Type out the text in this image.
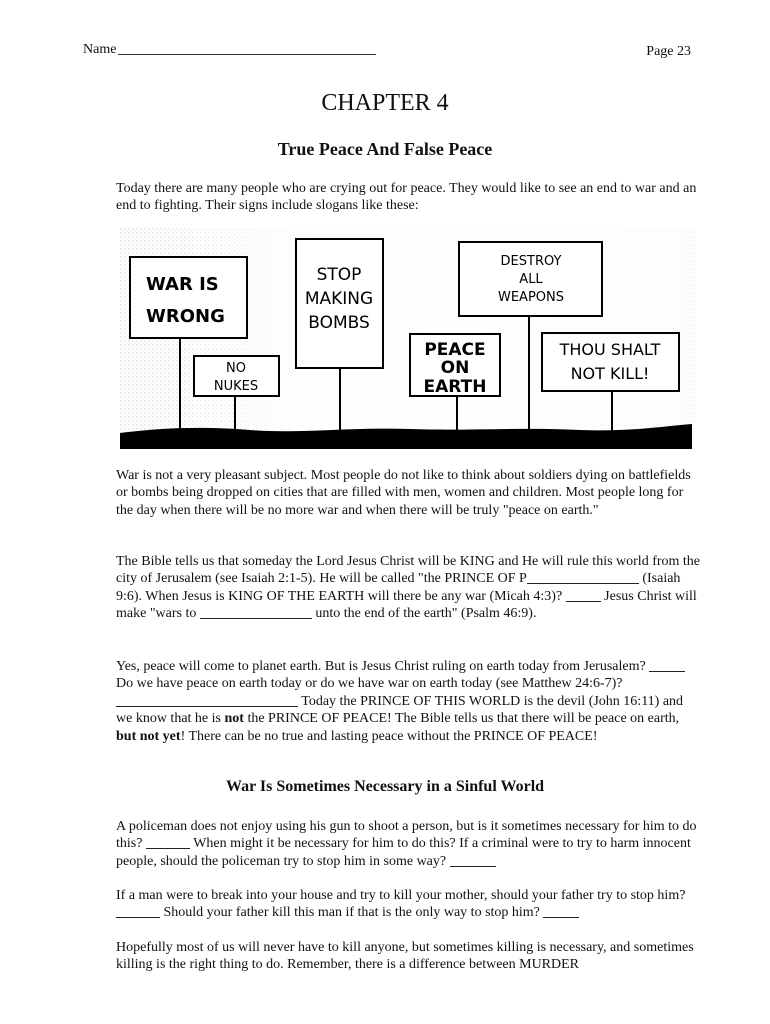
Name	Page 23
CHAPTER 4
True Peace And False Peace
Today there are many people who are crying out for peace. They would like to see an end to war and an end to fighting. Their signs include slogans like these:
WAR IS
WRONG
STOP
MAKING
BOMBS
DESTROY
ALL
WEAPONS
NO
NUKES
PEACE
ON
EARTH
THOU SHALT
NOT KILL!
War is not a very pleasant subject. Most people do not like to think about soldiers dying on battlefields or bombs being dropped on cities that are filled with men, women and children. Most people long for the day when there will be no more war and when there will be truly "peace on earth."
The Bible tells us that someday the Lord Jesus Christ will be KING and He will rule this world from the city of Jerusalem (see Isaiah 2:1-5). He will be called "the PRINCE OF P	(Isaiah 9:6). When Jesus is KING OF THE EARTH will there be any war (Micah 4:3)?	Jesus Christ will make "wars to	unto the end of the earth" (Psalm 46:9).
Yes, peace will come to planet earth. But is Jesus Christ ruling on earth today from Jerusalem?  Do we have peace on earth today or do we have war on earth today (see Matthew 24:6-7)?  Today the PRINCE OF THIS WORLD is the devil (John 16:11) and we know that he is not the PRINCE OF PEACE! The Bible tells us that there will be peace on earth, but not yet! There can be no true and lasting peace without the PRINCE OF PEACE!
War Is Sometimes Necessary in a Sinful World
A policeman does not enjoy using his gun to shoot a person, but is it sometimes necessary for him to do this?	When might it be necessary for him to do this? If a criminal were to try to harm innocent people, should the policeman try to stop him in some way?
If a man were to break into your house and try to kill your mother, should your father try to stop him?  Should your father kill this man if that is the only way to stop him?
Hopefully most of us will never have to kill anyone, but sometimes killing is necessary, and sometimes killing is the right thing to do. Remember, there is a difference between MURDER
